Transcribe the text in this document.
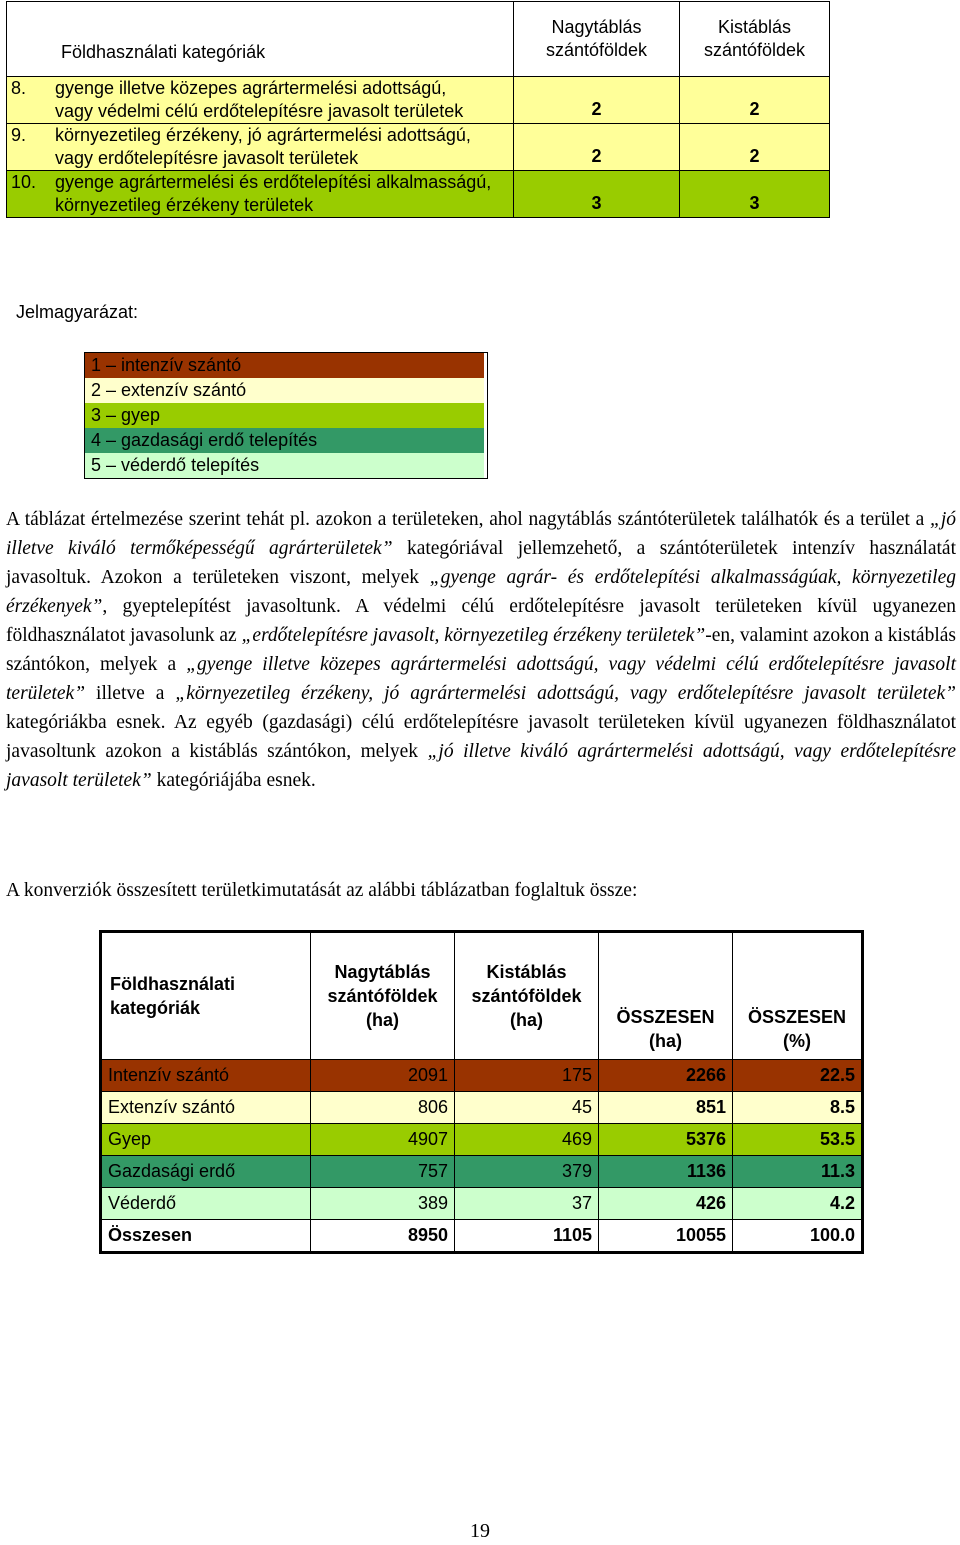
Földhasználati kategóriák	Nagytáblás szántóföldek	Kistáblás szántóföldek

8. gyenge illetve közepes agrártermelési adottságú, vagy védelmi célú erdőtelepítésre javasolt területek	2	2

9. környezetileg érzékeny, jó agrártermelési adottságú, vagy erdőtelepítésre javasolt területek	2	2

10. gyenge agrártermelési és erdőtelepítési alkalmasságú, környezetileg érzékeny területek	3	3
Jelmagyarázat:
1 – intenzív szántó
2 – extenzív szántó
3 – gyep
4 – gazdasági erdő telepítés
5 – véderdő telepítés

A táblázat értelmezése szerint tehát pl. azokon a területeken, ahol nagytáblás szántóterületek találhatók és a terület a „jó illetve kiváló termőképességű agrárterületek” kategóriával jellemzehető, a szántóterületek intenzív használatát javasoltuk. Azokon a területeken viszont, melyek „gyenge agrár- és erdőtelepítési alkalmasságúak, környezetileg érzékenyek”, gyeptelepítést javasoltunk. A védelmi célú erdőtelepítésre javasolt területeken kívül ugyanezen földhasználatot javasolunk az „erdőtelepítésre javasolt, környezetileg érzékeny területek”-en, valamint azokon a kistáblás szántókon, melyek a „gyenge illetve közepes agrártermelési adottságú, vagy védelmi célú erdőtelepítésre javasolt területek” illetve a „környezetileg érzékeny, jó agrártermelési adottságú, vagy erdőtelepítésre javasolt területek” kategóriákba esnek. Az egyéb (gazdasági) célú erdőtelepítésre javasolt területeken kívül ugyanezen földhasználatot javasoltunk azokon a kistáblás szántókon, melyek „jó illetve kiváló agrártermelési adottságú, vagy erdőtelepítésre javasolt területek” kategóriájába esnek.

A konverziók összesített területkimutatását az alábbi táblázatban foglaltuk össze:

Földhasználati kategóriák	Nagytáblás szántóföldek (ha)	Kistáblás szántóföldek (ha)	ÖSSZESEN (ha)	ÖSSZESEN (%)
Intenzív szántó	2091	175	2266	22.5
Extenzív szántó	806	45	851	8.5
Gyep	4907	469	5376	53.5
Gazdasági erdő	757	379	1136	11.3
Véderdő	389	37	426	4.2
Összesen	8950	1105	10055	100.0
19
